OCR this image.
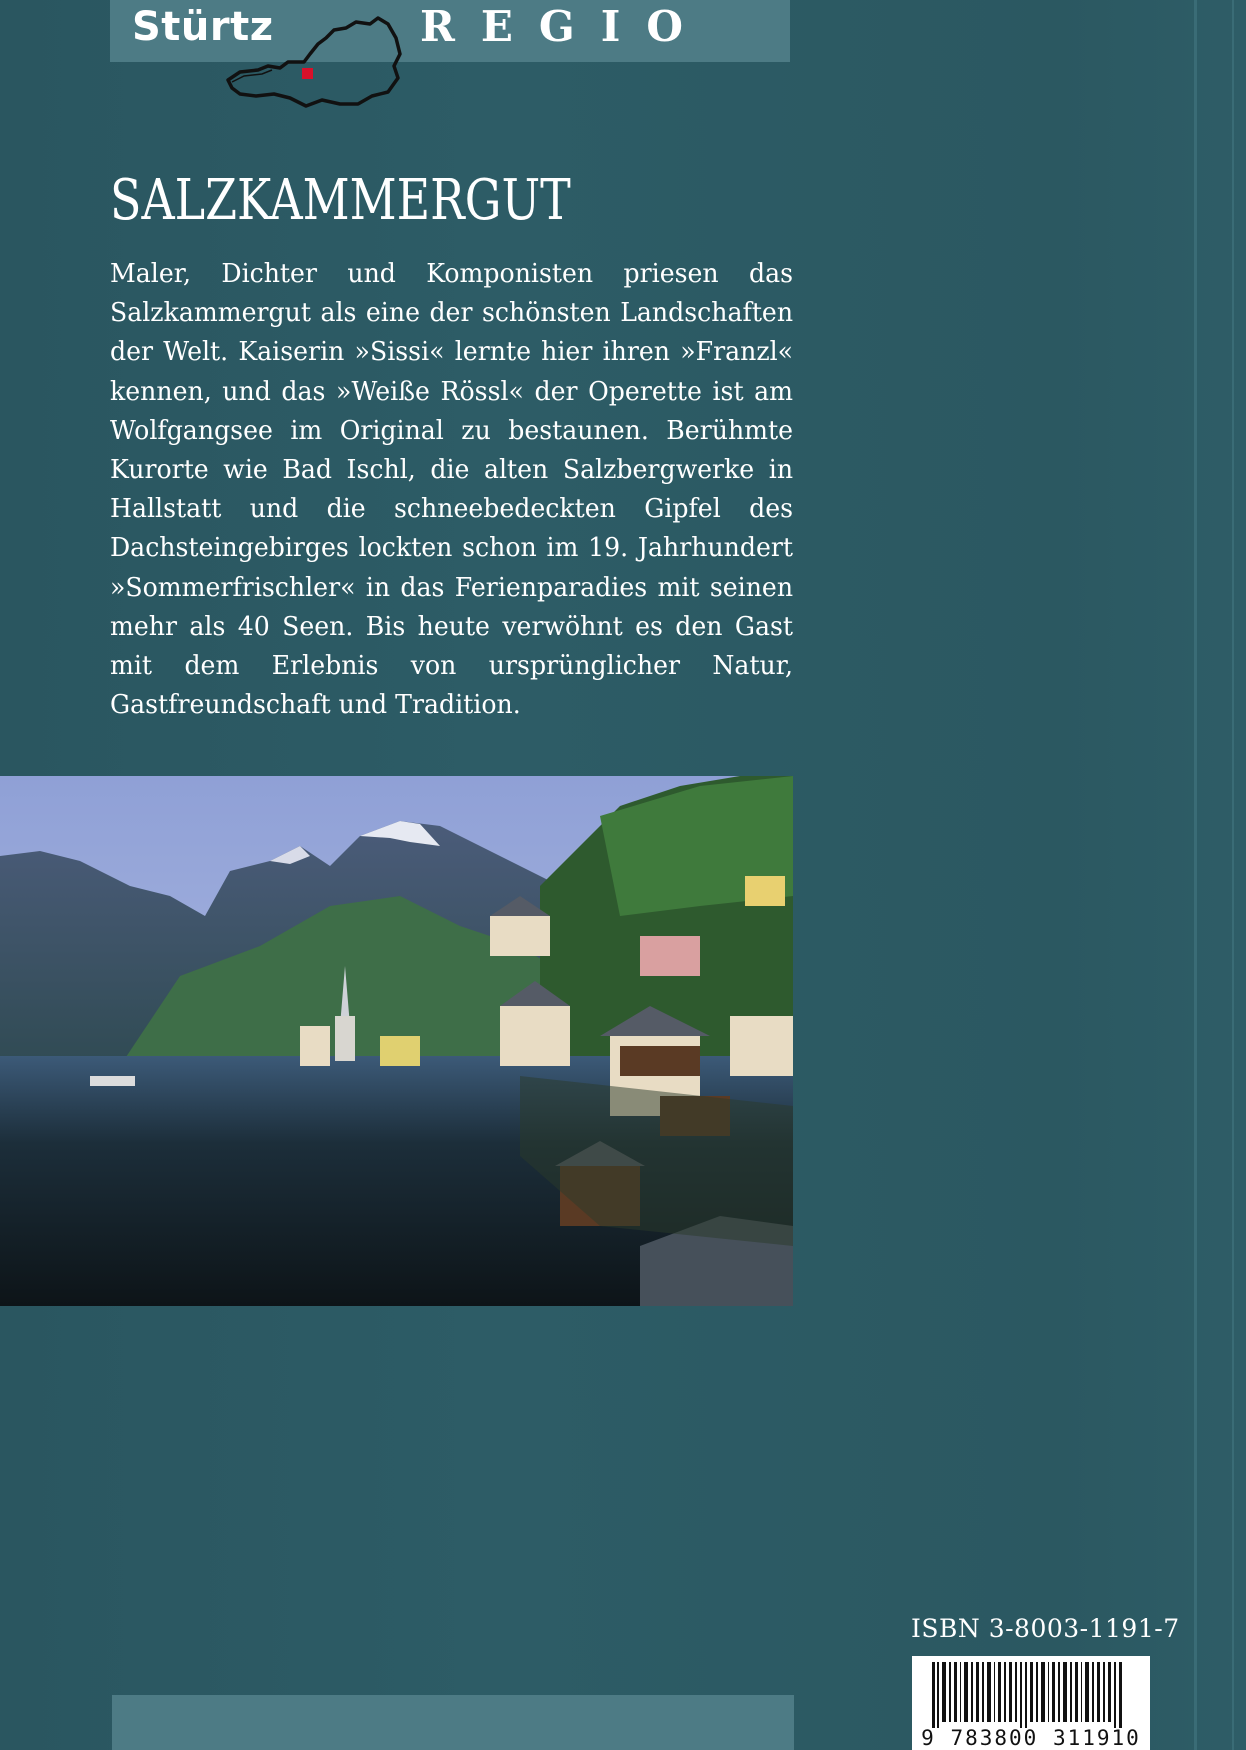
Stürtz	REGIO
SALZKAMMERGUT

Maler, Dichter und Komponisten priesen das Salzkammergut als eine der schönsten Landschaften der Welt. Kaiserin »Sissi« lernte hier ihren »Franzl« kennen, und das »Weiße Rössl« der Operette ist am Wolfgangsee im Original zu bestaunen. Berühmte Kurorte wie Bad Ischl, die alten Salzbergwerke in Hallstatt und die schneebedeckten Gipfel des Dachsteingebirges lockten schon im 19. Jahrhundert »Sommerfrischler« in das Ferienparadies mit seinen mehr als 40 Seen. Bis heute verwöhnt es den Gast mit dem Erlebnis von ursprünglicher Natur, Gastfreundschaft und Tradition.

ISBN 3-8003-1191-7
9 783800 311910
